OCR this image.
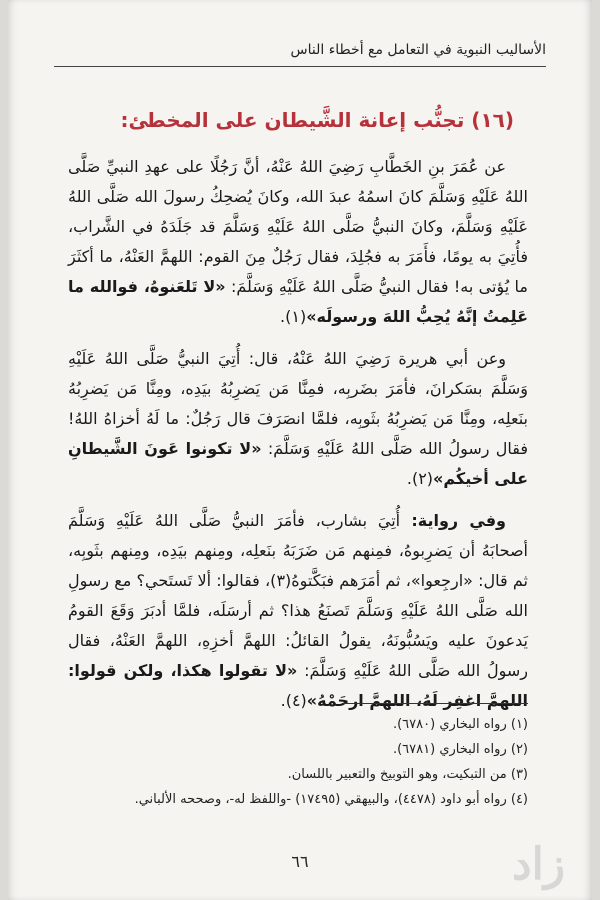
الأساليب النبوية في التعامل مع أخطاء الناس
(١٦) تجنُّب إعانة الشَّيطان على المخطئ:

عن عُمَرَ بنِ الخَطَّابِ رَضِيَ اللهُ عَنْهُ، أنَّ رَجُلًا على عهدِ النبيِّ صَلَّى اللهُ عَلَيْهِ وَسَلَّمَ كانَ اسمُهُ عبدَ الله، وكانَ يُضحِكُ رسولَ الله صَلَّى اللهُ عَلَيْهِ وَسَلَّمَ، وكانَ النبيُّ صَلَّى اللهُ عَلَيْهِ وَسَلَّمَ قد جَلَدَهُ في الشَّراب، فأُتِيَ به يومًا، فأَمَرَ به فجُلِدَ، فقال رَجُلٌ مِنَ القوم: اللهمَّ العَنْهُ، ما أكثَرَ ما يُؤتى به! فقال النبيُّ صَلَّى اللهُ عَلَيْهِ وَسَلَّمَ: «لا تَلعَنوهُ، فوالله ما عَلِمتُ إنَّهُ يُحِبُّ اللهَ ورسولَه»(١).

وعن أبي هريرة رَضِيَ اللهُ عَنْهُ، قال: أُتِيَ النبيُّ صَلَّى اللهُ عَلَيْهِ وَسَلَّمَ بسَكرانَ، فأمَرَ بضَربِه، فمِنَّا مَن يَضرِبُهُ بيَدِه، ومِنَّا مَن يَضرِبُهُ بنَعلِه، ومِنَّا مَن يَضرِبُهُ بثَوبِه، فلمَّا انصَرَفَ قال رَجُلٌ: ما لَهُ أخزاهُ اللهُ! فقال رسولُ الله صَلَّى اللهُ عَلَيْهِ وَسَلَّمَ: «لا تكونوا عَونَ الشَّيطانِ على أخيكُم»(٢).

وفي رواية: أُتِيَ بشارب، فأمَرَ النبيُّ صَلَّى اللهُ عَلَيْهِ وَسَلَّمَ أصحابَهُ أن يَضرِبوهُ، فمِنهم مَن ضَرَبَهُ بنَعلِه، ومِنهم بيَدِه، ومِنهم بثَوبِه، ثم قال: «ارجِعوا»، ثم أمَرَهم فبَكَّتوهُ(٣)، فقالوا: ألا تَستَحي؟ مع رسولِ الله صَلَّى اللهُ عَلَيْهِ وَسَلَّمَ تَصنَعُ هذا؟ ثم أرسَلَه، فلمَّا أدبَرَ وَقَعَ القومُ يَدعونَ عليه ويَسُبُّونَهُ، يقولُ القائلُ: اللهمَّ أخزِهِ، اللهمَّ العَنْهُ، فقال رسولُ الله صَلَّى اللهُ عَلَيْهِ وَسَلَّمَ: «لا تقولوا هكذا، ولكن قولوا: اللهمَّ اغفِر لَهُ، اللهمَّ ارحَمْهُ»(٤).

(١) رواه البخاري (٦٧٨٠).
(٢) رواه البخاري (٦٧٨١).
(٣) من التبكيت، وهو التوبيخ والتعبير باللسان.
(٤) رواه أبو داود (٤٤٧٨)، والبيهقي (١٧٤٩٥) -واللفظ له-، وصححه الألباني.
٦٦	زاد
